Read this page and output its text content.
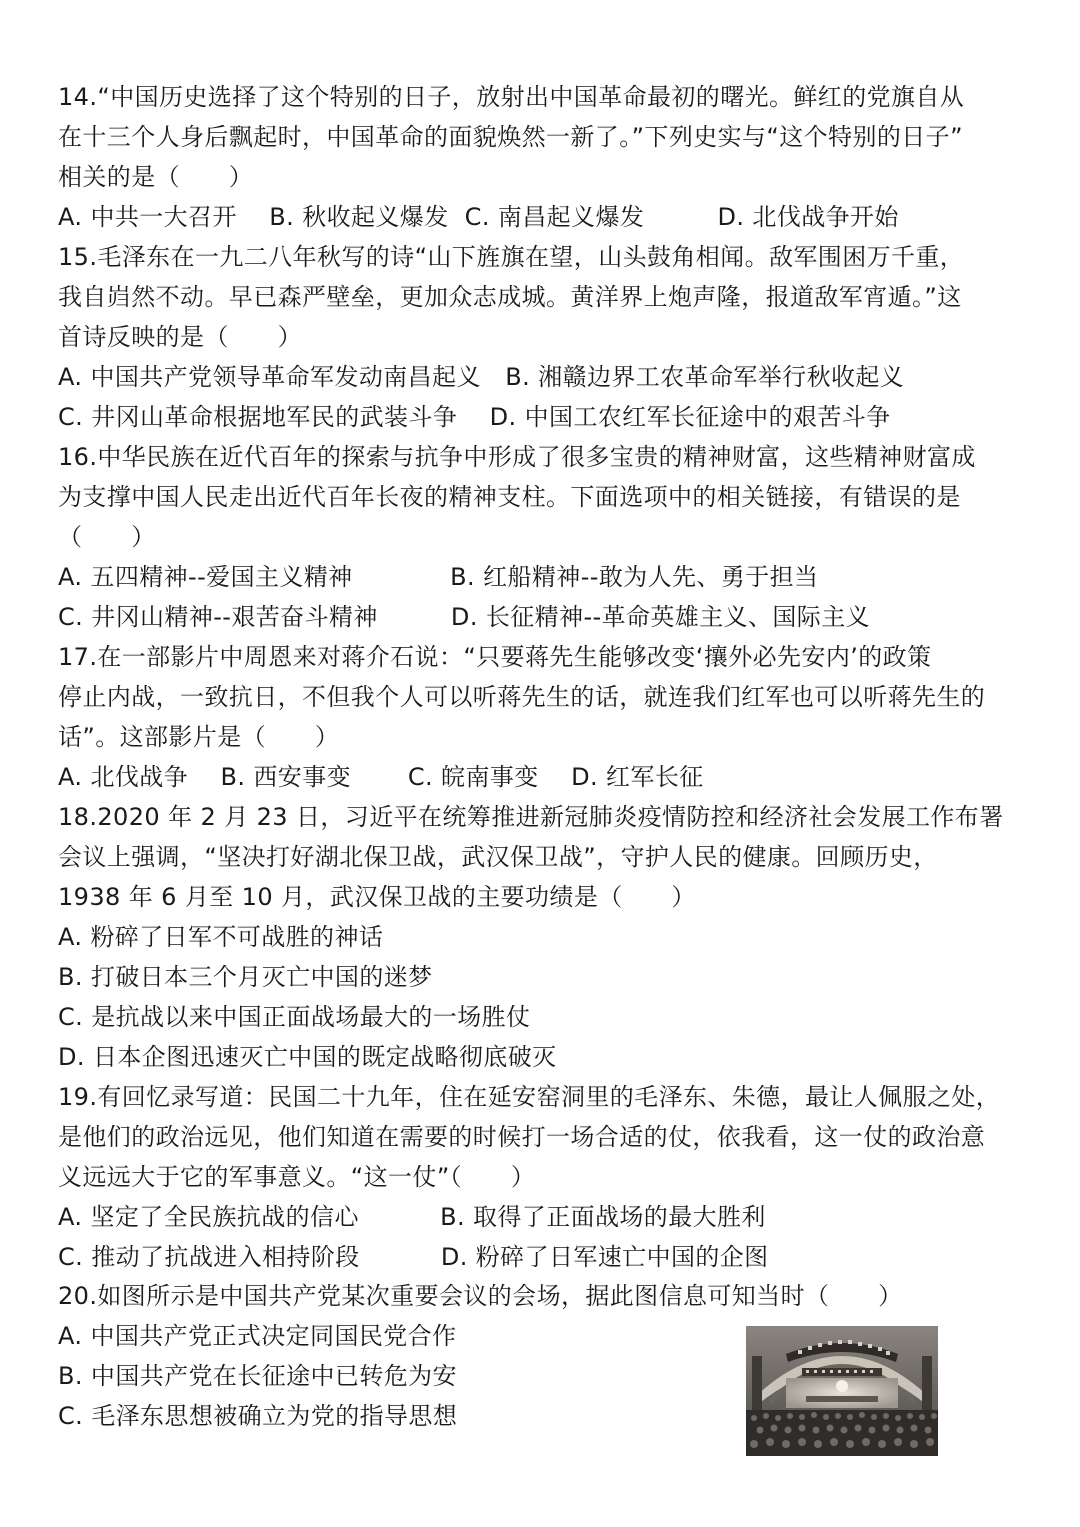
14.“中国历史选择了这个特别的日子，放射出中国革命最初的曙光。鲜红的党旗自从
在十三个人身后飘起时，中国革命的面貌焕然一新了。”下列史实与“这个特别的日子”
相关的是（　　）
A. 中共一大召开　 B. 秋收起义爆发  C. 南昌起义爆发　　　D. 北伐战争开始
15.毛泽东在一九二八年秋写的诗“山下旌旗在望，山头鼓角相闻。敌军围困万千重，
我自岿然不动。早已森严壁垒，更加众志成城。黄洋界上炮声隆，报道敌军宵遁。”这
首诗反映的是（　　）
A. 中国共产党领导革命军发动南昌起义　B. 湘赣边界工农革命军举行秋收起义
C. 井冈山革命根据地军民的武装斗争　 D. 中国工农红军长征途中的艰苦斗争
16.中华民族在近代百年的探索与抗争中形成了很多宝贵的精神财富，这些精神财富成
为支撑中国人民走出近代百年长夜的精神支柱。下面选项中的相关链接，有错误的是
（　　）
A. 五四精神--爱国主义精神　　　　B. 红船精神--敢为人先、勇于担当
C. 井冈山精神--艰苦奋斗精神　　　D. 长征精神--革命英雄主义、国际主义
17.在一部影片中周恩来对蒋介石说：“只要蒋先生能够改变‘攘外必先安内’的政策
停止内战，一致抗日，不但我个人可以听蒋先生的话，就连我们红军也可以听蒋先生的
话”。这部影片是（　　）
A. 北伐战争　 B. 西安事变　　 C. 皖南事变　 D. 红军长征
18.2020 年 2 月 23 日，习近平在统筹推进新冠肺炎疫情防控和经济社会发展工作布署
会议上强调，“坚决打好湖北保卫战，武汉保卫战”，守护人民的健康。回顾历史，
1938 年 6 月至 10 月，武汉保卫战的主要功绩是（　　）
A. 粉碎了日军不可战胜的神话
B. 打破日本三个月灭亡中国的迷梦
C. 是抗战以来中国正面战场最大的一场胜仗
D. 日本企图迅速灭亡中国的既定战略彻底破灭
19.有回忆录写道：民国二十九年，住在延安窑洞里的毛泽东、朱德，最让人佩服之处，
是他们的政治远见，他们知道在需要的时候打一场合适的仗，依我看，这一仗的政治意
义远远大于它的军事意义。“这一仗”（　　）
A. 坚定了全民族抗战的信心　　　 B. 取得了正面战场的最大胜利
C. 推动了抗战进入相持阶段　　　 D. 粉碎了日军速亡中国的企图
20.如图所示是中国共产党某次重要会议的会场，据此图信息可知当时（　　）
A. 中国共产党正式决定同国民党合作
B. 中国共产党在长征途中已转危为安
C. 毛泽东思想被确立为党的指导思想
